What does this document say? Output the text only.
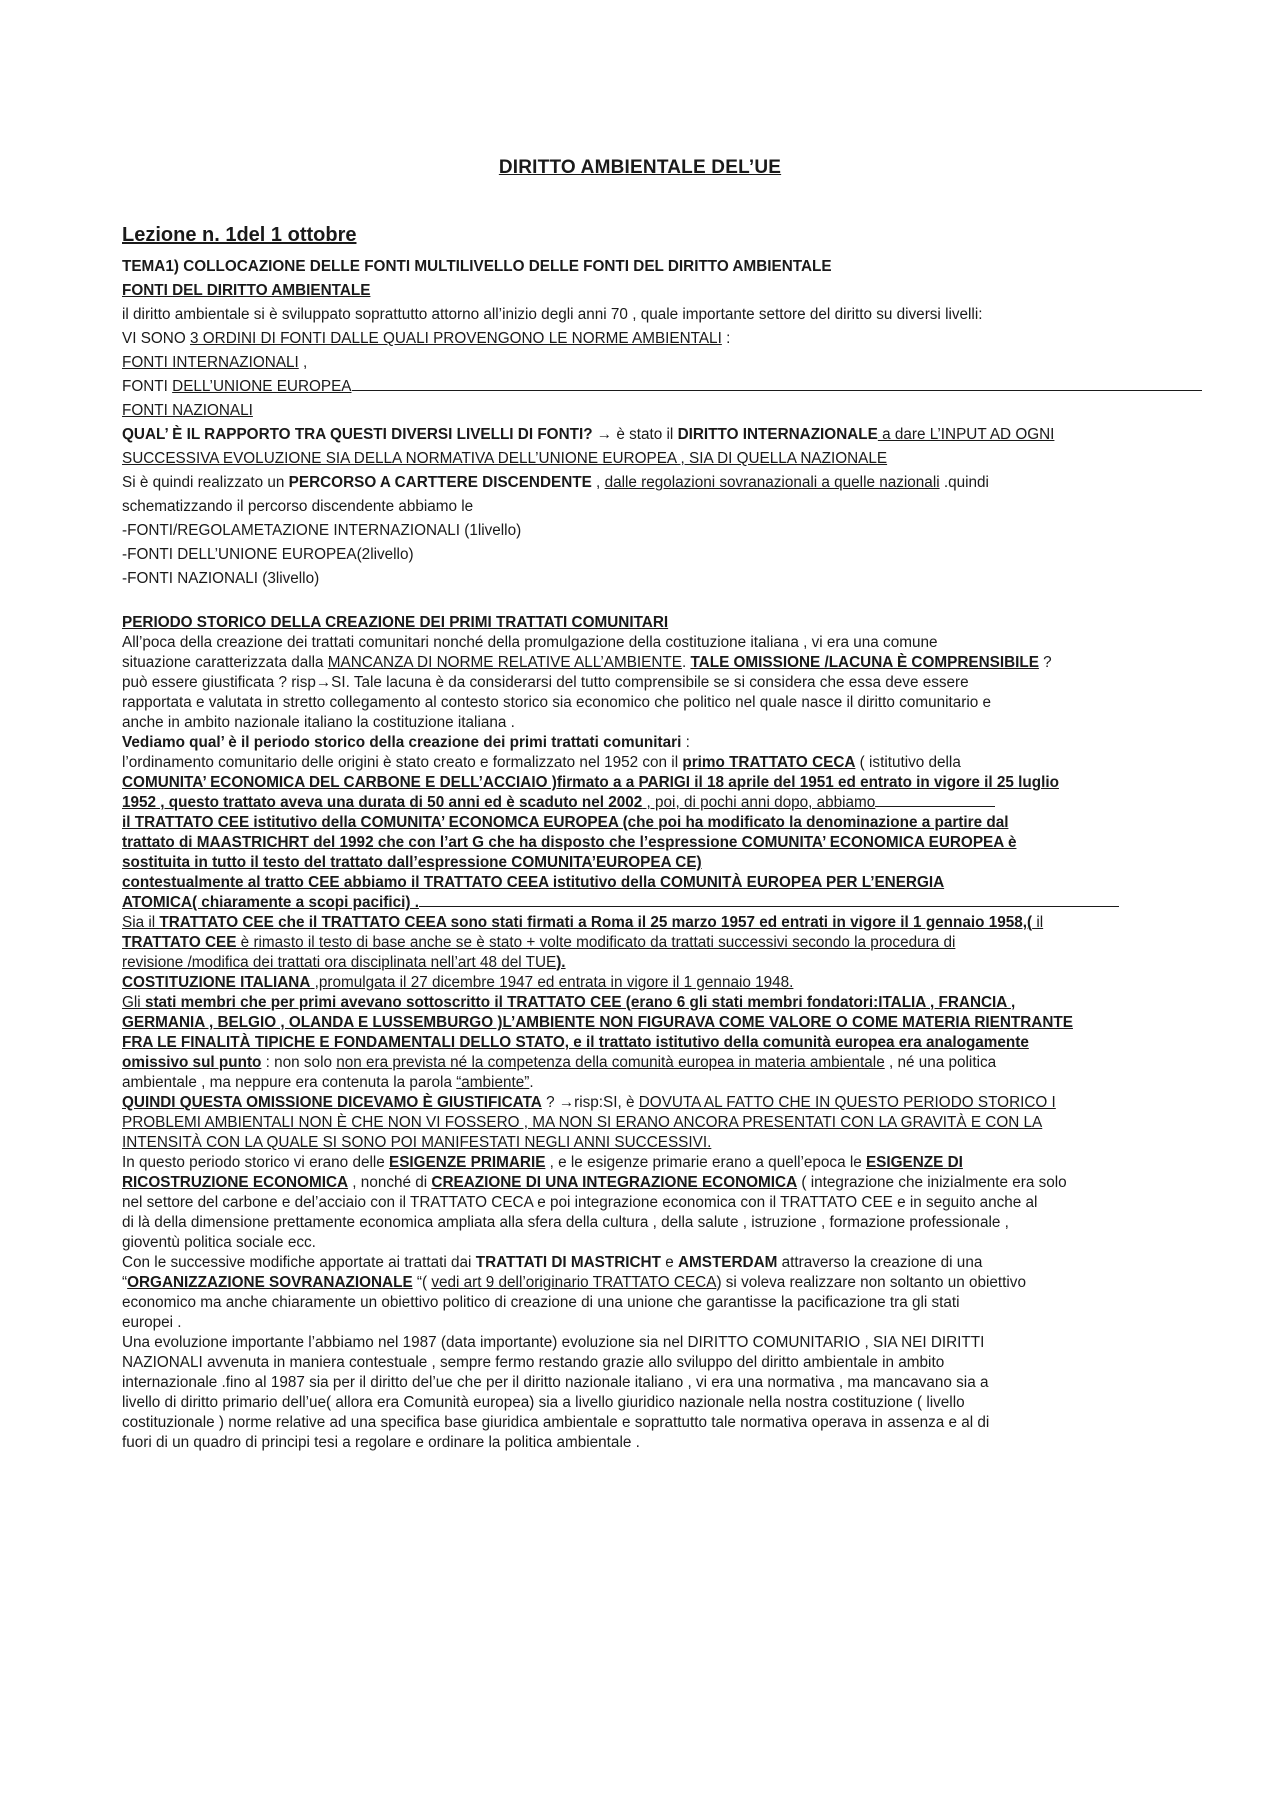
DIRITTO AMBIENTALE DEL’UE
Lezione n. 1del 1 ottobre

TEMA1) COLLOCAZIONE DELLE FONTI MULTILIVELLO DELLE FONTI DEL DIRITTO AMBIENTALE

FONTI DEL DIRITTO AMBIENTALE

il diritto ambientale si è sviluppato soprattutto attorno all’inizio degli anni 70 , quale importante settore del diritto su diversi livelli:

VI SONO 3 ORDINI DI FONTI DALLE QUALI PROVENGONO LE NORME AMBIENTALI :

FONTI INTERNAZIONALI ,

FONTI DELL’UNIONE EUROPEA

FONTI NAZIONALI

QUAL’ È IL RAPPORTO TRA QUESTI DIVERSI LIVELLI DI FONTI? → è stato il DIRITTO INTERNAZIONALE a dare L’INPUT AD OGNI

SUCCESSIVA EVOLUZIONE SIA DELLA NORMATIVA DELL’UNIONE EUROPEA , SIA DI QUELLA NAZIONALE

Si è quindi realizzato un PERCORSO A CARTTERE DISCENDENTE , dalle regolazioni sovranazionali a quelle nazionali .quindi

schematizzando il percorso discendente abbiamo le

-FONTI/REGOLAMETAZIONE INTERNAZIONALI (1livello)

-FONTI DELL’UNIONE EUROPEA(2livello)

-FONTI NAZIONALI (3livello)

PERIODO STORICO DELLA CREAZIONE DEI PRIMI TRATTATI COMUNITARI

All’poca della creazione dei trattati comunitari nonché della promulgazione della costituzione italiana , vi era una comune

situazione caratterizzata dalla MANCANZA DI NORME RELATIVE ALL’AMBIENTE. TALE OMISSIONE /LACUNA È COMPRENSIBILE ?

può essere giustificata ? risp→SI. Tale lacuna è da considerarsi del tutto comprensibile se si considera che essa deve essere

rapportata e valutata in stretto collegamento al contesto storico sia economico che politico nel quale nasce il diritto comunitario e

anche in ambito nazionale italiano la costituzione italiana .

Vediamo qual’ è il periodo storico della creazione dei primi trattati comunitari :

l’ordinamento comunitario delle origini è stato creato e formalizzato nel 1952 con il primo TRATTATO CECA ( istitutivo della

COMUNITA’ ECONOMICA DEL CARBONE E DELL’ACCIAIO )firmato a a PARIGI il 18 aprile del 1951 ed entrato in vigore il 25 luglio

1952 , questo trattato aveva una durata di 50 anni ed è scaduto nel 2002 , poi, di pochi anni dopo, abbiamo

il TRATTATO CEE istitutivo della COMUNITA’ ECONOMCA EUROPEA (che poi ha modificato la denominazione a partire dal

trattato di MAASTRICHRT del 1992 che con l’art G che ha disposto che l’espressione COMUNITA’ ECONOMICA EUROPEA è

sostituita in tutto il testo del trattato dall’espressione COMUNITA’EUROPEA CE)

contestualmente al tratto CEE abbiamo il TRATTATO CEEA istitutivo della COMUNITÀ EUROPEA PER L’ENERGIA

ATOMICA( chiaramente a scopi pacifici) .

Sia il TRATTATO CEE che il TRATTATO CEEA sono stati firmati a Roma il 25 marzo 1957 ed entrati in vigore il 1 gennaio 1958,( il

TRATTATO CEE è rimasto il testo di base anche se è stato + volte modificato da trattati successivi secondo la procedura di

revisione /modifica dei trattati ora disciplinata nell’art 48 del TUE).

COSTITUZIONE ITALIANA ,promulgata il 27 dicembre 1947 ed entrata in vigore il 1 gennaio 1948.

Gli stati membri che per primi avevano sottoscritto il TRATTATO CEE (erano 6 gli stati membri fondatori:ITALIA , FRANCIA ,

GERMANIA , BELGIO , OLANDA E LUSSEMBURGO )L’AMBIENTE NON FIGURAVA COME VALORE O COME MATERIA RIENTRANTE

FRA LE FINALITÀ TIPICHE E FONDAMENTALI DELLO STATO, e il trattato istitutivo della comunità europea era analogamente

omissivo sul punto : non solo non era prevista né la competenza della comunità europea in materia ambientale , né una politica

ambientale , ma neppure era contenuta la parola “ambiente”.

QUINDI QUESTA OMISSIONE DICEVAMO È GIUSTIFICATA ? →risp:SI, è DOVUTA AL FATTO CHE IN QUESTO PERIODO STORICO I

PROBLEMI AMBIENTALI NON È CHE NON VI FOSSERO , MA NON SI ERANO ANCORA PRESENTATI CON LA GRAVITÀ E CON LA

INTENSITÀ CON LA QUALE SI SONO POI MANIFESTATI NEGLI ANNI SUCCESSIVI.

In questo periodo storico vi erano delle ESIGENZE PRIMARIE , e le esigenze primarie erano a quell’epoca le ESIGENZE DI

RICOSTRUZIONE ECONOMICA , nonché di CREAZIONE DI UNA INTEGRAZIONE ECONOMICA ( integrazione che inizialmente era solo

nel settore del carbone e del’acciaio con il TRATTATO CECA e poi integrazione economica con il TRATTATO CEE e in seguito anche al

di là della dimensione prettamente economica ampliata alla sfera della cultura , della salute , istruzione , formazione professionale ,

gioventù politica sociale ecc.

Con le successive modifiche apportate ai trattati dai TRATTATI DI MASTRICHT e AMSTERDAM attraverso la creazione di una

“ORGANIZZAZIONE SOVRANAZIONALE “( vedi art 9 dell’originario TRATTATO CECA) si voleva realizzare non soltanto un obiettivo

economico ma anche chiaramente un obiettivo politico di creazione di una unione che garantisse la pacificazione tra gli stati

europei .

Una evoluzione importante l’abbiamo nel 1987 (data importante) evoluzione sia nel DIRITTO COMUNITARIO , SIA NEI DIRITTI

NAZIONALI avvenuta in maniera contestuale , sempre fermo restando grazie allo sviluppo del diritto ambientale in ambito

internazionale .fino al 1987 sia per il diritto del’ue che per il diritto nazionale italiano , vi era una normativa , ma mancavano sia a

livello di diritto primario dell’ue( allora era Comunità europea) sia a livello giuridico nazionale nella nostra costituzione ( livello

costituzionale ) norme relative ad una specifica base giuridica ambientale e soprattutto tale normativa operava in assenza e al di

fuori di un quadro di principi tesi a regolare e ordinare la politica ambientale .
